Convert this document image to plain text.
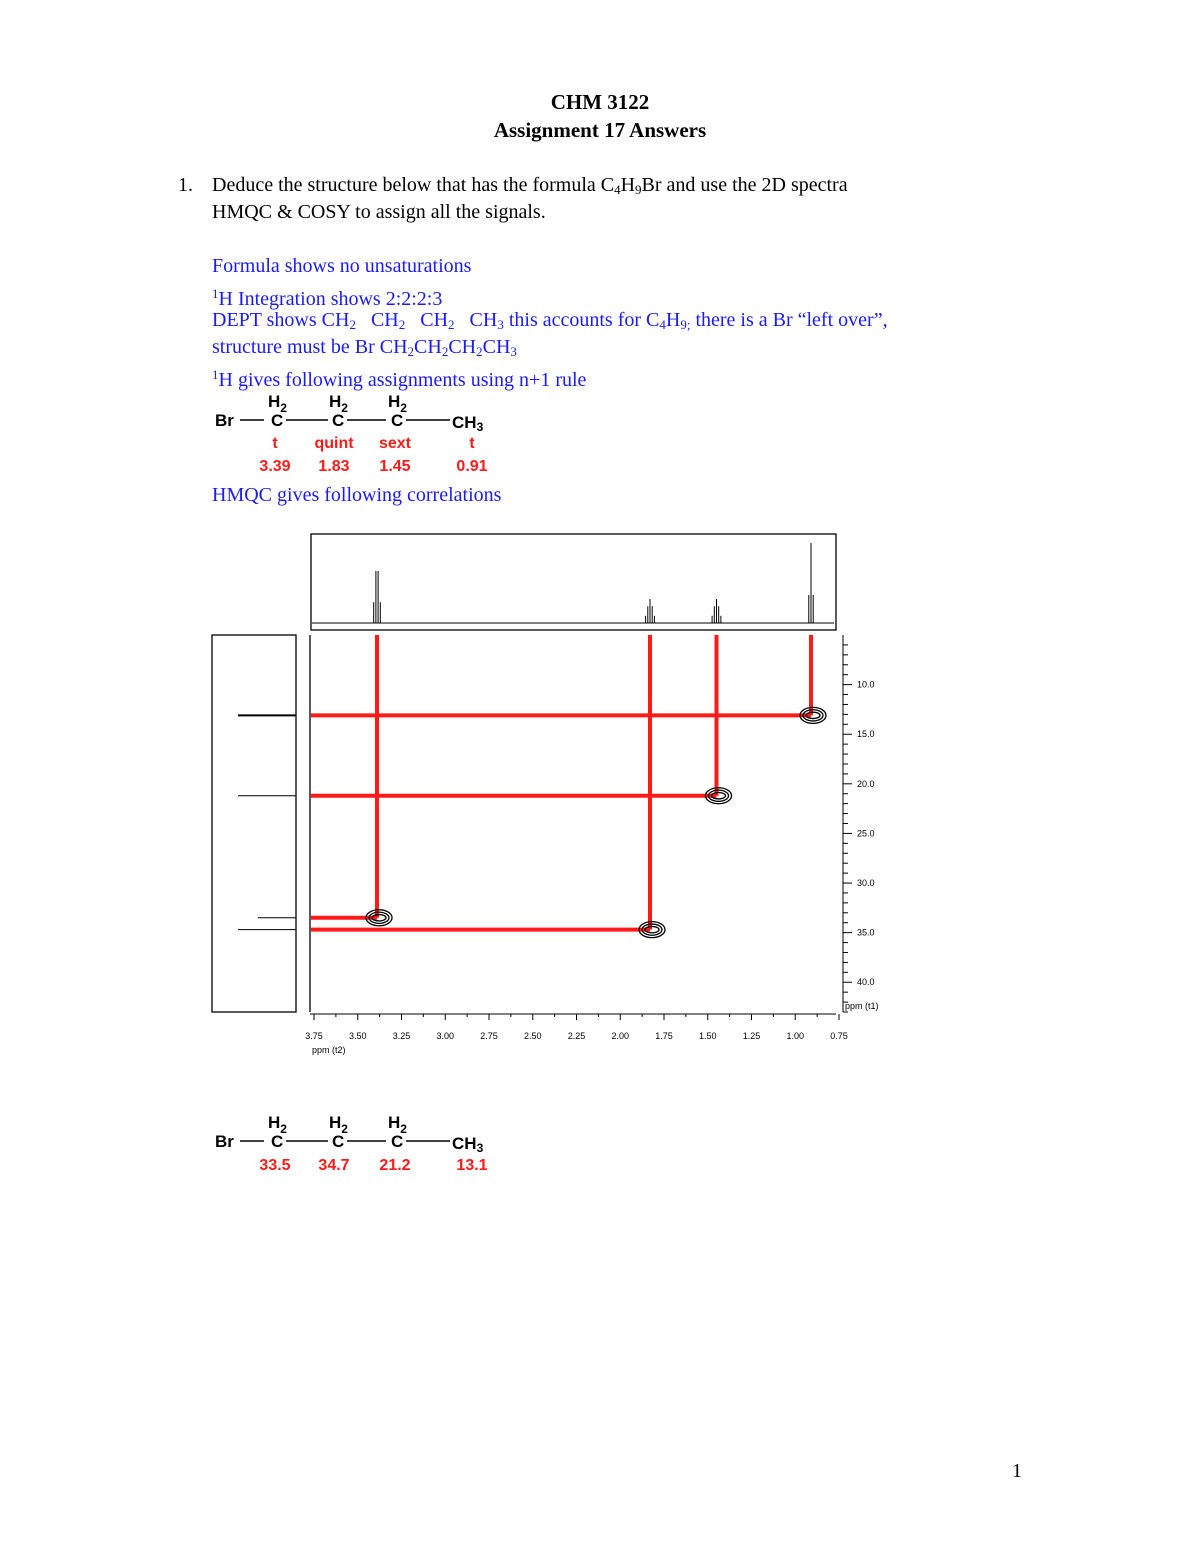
CHM 3122
Assignment 17 Answers
1. Deduce the structure below that has the formula $C_4H_9Br$ and use the 2D spectra
HMQC & COSY to assign all the signals.
Formula shows no unsaturations
$^1$H Integration shows 2:2:2:3
DEPT shows $CH_2$ $CH_2$ $CH_2$ $CH_3$ this accounts for $C_4H_{9;}$ there is a Br “left over”,
structure must be Br $CH_2CH_2CH_2CH_3$
$^1$H gives following assignments using n+1 rule
Br
$H_2$
C
$H_2$
C
$H_2$
C	CH3
t quint sext	t
3.39 1.83 1.45	0.91
HMQC gives following correlations
3.75	3.50	3.25	3.00	2.75	2.50	2.25	2.00	1.75	1.50	1.25	1.00	0.75
10.0
15.0
20.0
25.0
30.0
35.0
40.0
ppm (t2)
ppm (t1)
Br
$H_2$
C
$H_2$
C
$H_2$
C	CH3
33.5 34.7 21.2	13.1
1
